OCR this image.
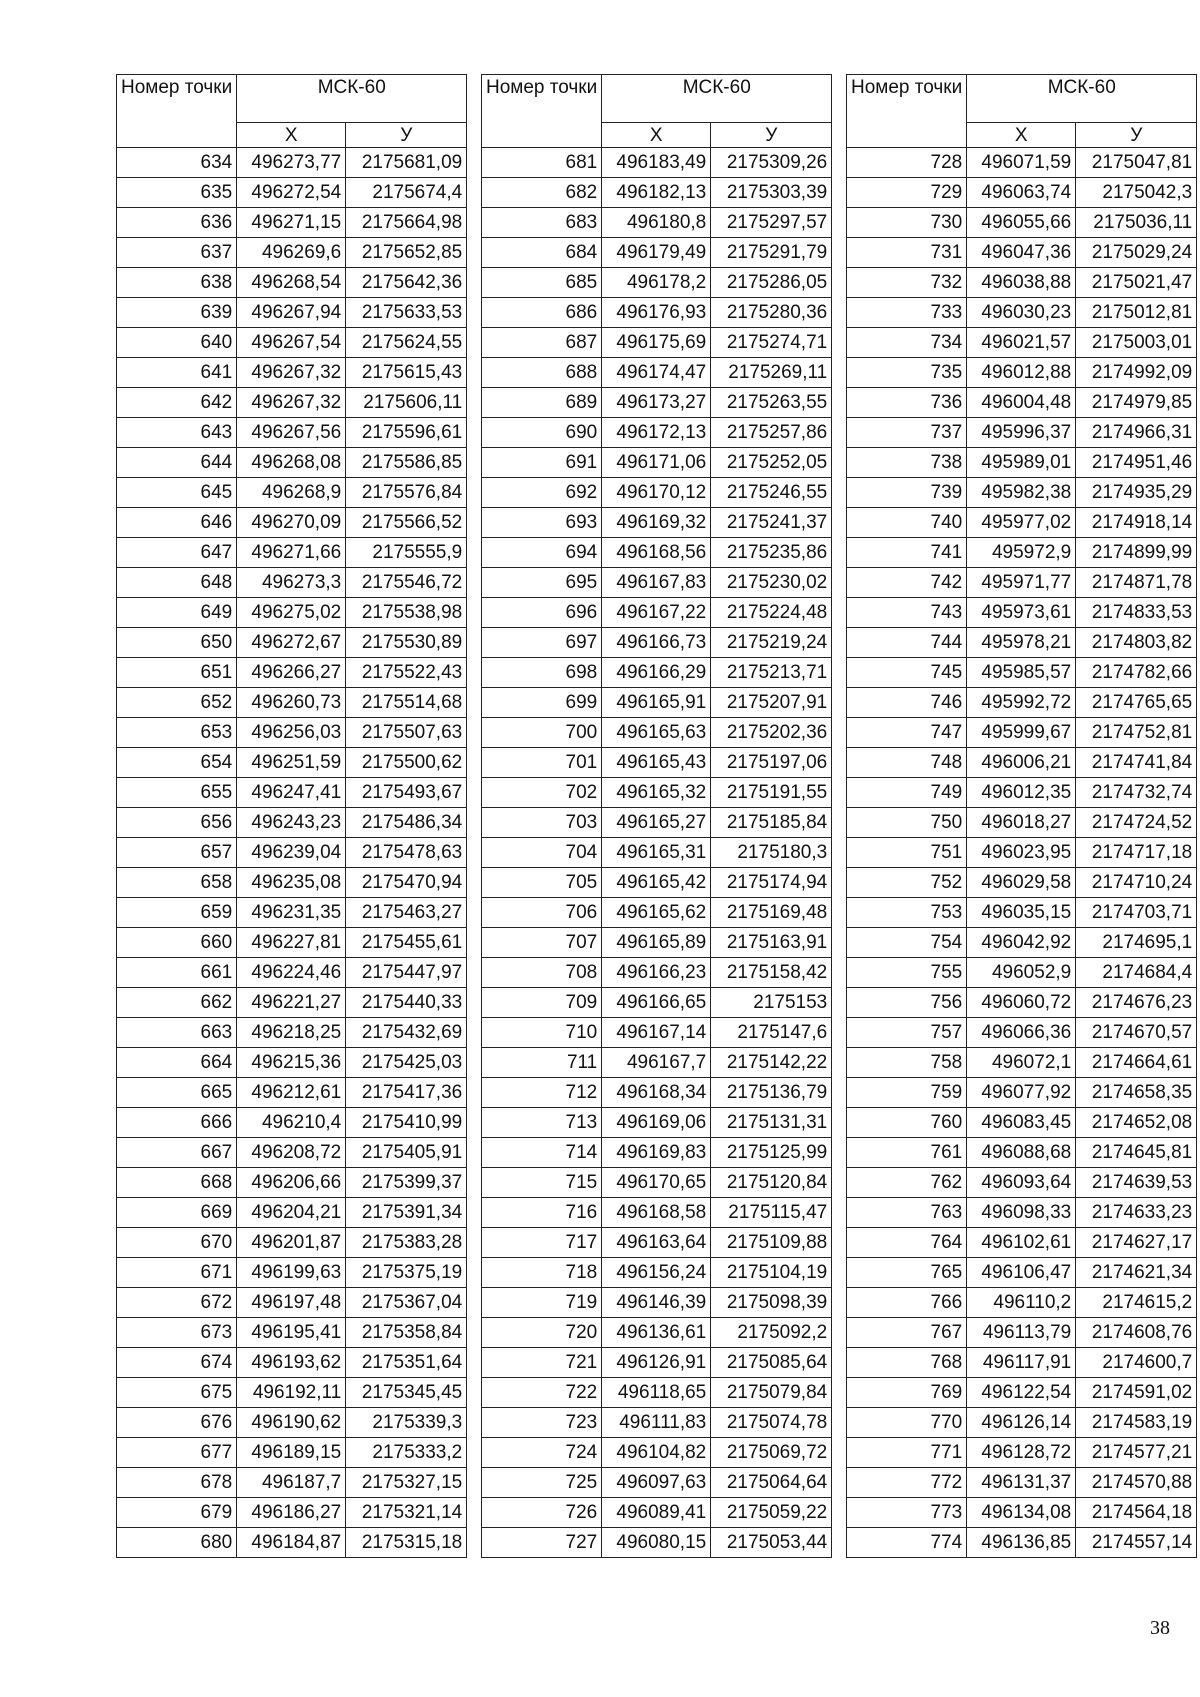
Номер точки	МСК-60	
	X	У
634	496273,77	2175681,09
635	496272,54	2175674,4
636	496271,15	2175664,98
637	496269,6	2175652,85
638	496268,54	2175642,36
639	496267,94	2175633,53
640	496267,54	2175624,55
641	496267,32	2175615,43
642	496267,32	2175606,11
643	496267,56	2175596,61
644	496268,08	2175586,85
645	496268,9	2175576,84
646	496270,09	2175566,52
647	496271,66	2175555,9
648	496273,3	2175546,72
649	496275,02	2175538,98
650	496272,67	2175530,89
651	496266,27	2175522,43
652	496260,73	2175514,68
653	496256,03	2175507,63
654	496251,59	2175500,62
655	496247,41	2175493,67
656	496243,23	2175486,34
657	496239,04	2175478,63
658	496235,08	2175470,94
659	496231,35	2175463,27
660	496227,81	2175455,61
661	496224,46	2175447,97
662	496221,27	2175440,33
663	496218,25	2175432,69
664	496215,36	2175425,03
665	496212,61	2175417,36
666	496210,4	2175410,99
667	496208,72	2175405,91
668	496206,66	2175399,37
669	496204,21	2175391,34
670	496201,87	2175383,28
671	496199,63	2175375,19
672	496197,48	2175367,04
673	496195,41	2175358,84
674	496193,62	2175351,64
675	496192,11	2175345,45
676	496190,62	2175339,3
677	496189,15	2175333,2
678	496187,7	2175327,15
679	496186,27	2175321,14
680	496184,87	2175315,18
Номер точки	МСК-60	
	X	У
681	496183,49	2175309,26
682	496182,13	2175303,39
683	496180,8	2175297,57
684	496179,49	2175291,79
685	496178,2	2175286,05
686	496176,93	2175280,36
687	496175,69	2175274,71
688	496174,47	2175269,11
689	496173,27	2175263,55
690	496172,13	2175257,86
691	496171,06	2175252,05
692	496170,12	2175246,55
693	496169,32	2175241,37
694	496168,56	2175235,86
695	496167,83	2175230,02
696	496167,22	2175224,48
697	496166,73	2175219,24
698	496166,29	2175213,71
699	496165,91	2175207,91
700	496165,63	2175202,36
701	496165,43	2175197,06
702	496165,32	2175191,55
703	496165,27	2175185,84
704	496165,31	2175180,3
705	496165,42	2175174,94
706	496165,62	2175169,48
707	496165,89	2175163,91
708	496166,23	2175158,42
709	496166,65	2175153
710	496167,14	2175147,6
711	496167,7	2175142,22
712	496168,34	2175136,79
713	496169,06	2175131,31
714	496169,83	2175125,99
715	496170,65	2175120,84
716	496168,58	2175115,47
717	496163,64	2175109,88
718	496156,24	2175104,19
719	496146,39	2175098,39
720	496136,61	2175092,2
721	496126,91	2175085,64
722	496118,65	2175079,84
723	496111,83	2175074,78
724	496104,82	2175069,72
725	496097,63	2175064,64
726	496089,41	2175059,22
727	496080,15	2175053,44
Номер точки	МСК-60	
	X	У
728	496071,59	2175047,81
729	496063,74	2175042,3
730	496055,66	2175036,11
731	496047,36	2175029,24
732	496038,88	2175021,47
733	496030,23	2175012,81
734	496021,57	2175003,01
735	496012,88	2174992,09
736	496004,48	2174979,85
737	495996,37	2174966,31
738	495989,01	2174951,46
739	495982,38	2174935,29
740	495977,02	2174918,14
741	495972,9	2174899,99
742	495971,77	2174871,78
743	495973,61	2174833,53
744	495978,21	2174803,82
745	495985,57	2174782,66
746	495992,72	2174765,65
747	495999,67	2174752,81
748	496006,21	2174741,84
749	496012,35	2174732,74
750	496018,27	2174724,52
751	496023,95	2174717,18
752	496029,58	2174710,24
753	496035,15	2174703,71
754	496042,92	2174695,1
755	496052,9	2174684,4
756	496060,72	2174676,23
757	496066,36	2174670,57
758	496072,1	2174664,61
759	496077,92	2174658,35
760	496083,45	2174652,08
761	496088,68	2174645,81
762	496093,64	2174639,53
763	496098,33	2174633,23
764	496102,61	2174627,17
765	496106,47	2174621,34
766	496110,2	2174615,2
767	496113,79	2174608,76
768	496117,91	2174600,7
769	496122,54	2174591,02
770	496126,14	2174583,19
771	496128,72	2174577,21
772	496131,37	2174570,88
773	496134,08	2174564,18
774	496136,85	2174557,14
38
